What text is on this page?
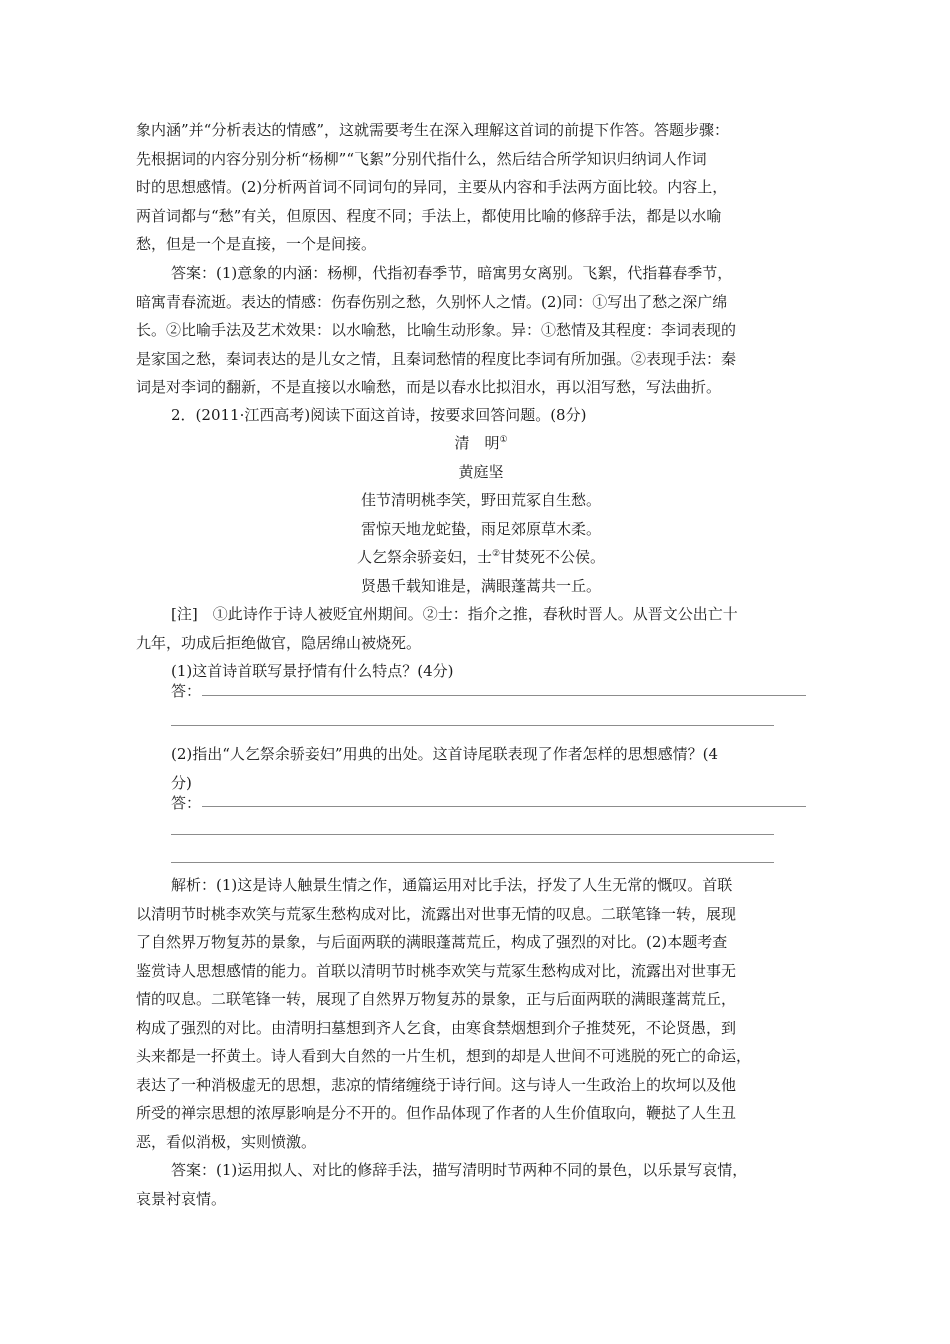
象内涵”并“分析表达的情感”，这就需要考生在深入理解这首词的前提下作答。答题步骤：
先根据词的内容分别分析“杨柳”“飞絮”分别代指什么，然后结合所学知识归纳词人作词
时的思想感情。(2)分析两首词不同词句的异同，主要从内容和手法两方面比较。内容上，
两首词都与“愁”有关，但原因、程度不同；手法上，都使用比喻的修辞手法，都是以水喻
愁，但是一个是直接，一个是间接。
答案：(1)意象的内涵：杨柳，代指初春季节，暗寓男女离别。飞絮，代指暮春季节，
暗寓青春流逝。表达的情感：伤春伤别之愁，久别怀人之情。(2)同：①写出了愁之深广绵
长。②比喻手法及艺术效果：以水喻愁，比喻生动形象。异：①愁情及其程度：李词表现的
是家国之愁，秦词表达的是儿女之情，且秦词愁情的程度比李词有所加强。②表现手法：秦
词是对李词的翻新，不是直接以水喻愁，而是以春水比拟泪水，再以泪写愁，写法曲折。
2．(2011·江西高考)阅读下面这首诗，按要求回答问题。(8分)
清　明①
黄庭坚
佳节清明桃李笑，野田荒冢自生愁。
雷惊天地龙蛇蛰，雨足郊原草木柔。
人乞祭余骄妾妇，士②甘焚死不公侯。
贤愚千载知谁是，满眼蓬蒿共一丘。
[注]　①此诗作于诗人被贬宜州期间。②士：指介之推，春秋时晋人。从晋文公出亡十
九年，功成后拒绝做官，隐居绵山被烧死。
(1)这首诗首联写景抒情有什么特点？(4分)
答：
(2)指出“人乞祭余骄妾妇”用典的出处。这首诗尾联表现了作者怎样的思想感情？(4
分)
答：
解析：(1)这是诗人触景生情之作，通篇运用对比手法，抒发了人生无常的慨叹。首联
以清明节时桃李欢笑与荒冢生愁构成对比，流露出对世事无情的叹息。二联笔锋一转，展现
了自然界万物复苏的景象，与后面两联的满眼蓬蒿荒丘，构成了强烈的对比。(2)本题考查
鉴赏诗人思想感情的能力。首联以清明节时桃李欢笑与荒冢生愁构成对比，流露出对世事无
情的叹息。二联笔锋一转，展现了自然界万物复苏的景象，正与后面两联的满眼蓬蒿荒丘，
构成了强烈的对比。由清明扫墓想到齐人乞食，由寒食禁烟想到介子推焚死，不论贤愚，到
头来都是一抔黄土。诗人看到大自然的一片生机，想到的却是人世间不可逃脱的死亡的命运，
表达了一种消极虚无的思想，悲凉的情绪缠绕于诗行间。这与诗人一生政治上的坎坷以及他
所受的禅宗思想的浓厚影响是分不开的。但作品体现了作者的人生价值取向，鞭挞了人生丑
恶，看似消极，实则愤激。
答案：(1)运用拟人、对比的修辞手法，描写清明时节两种不同的景色，以乐景写哀情，
哀景衬哀情。
